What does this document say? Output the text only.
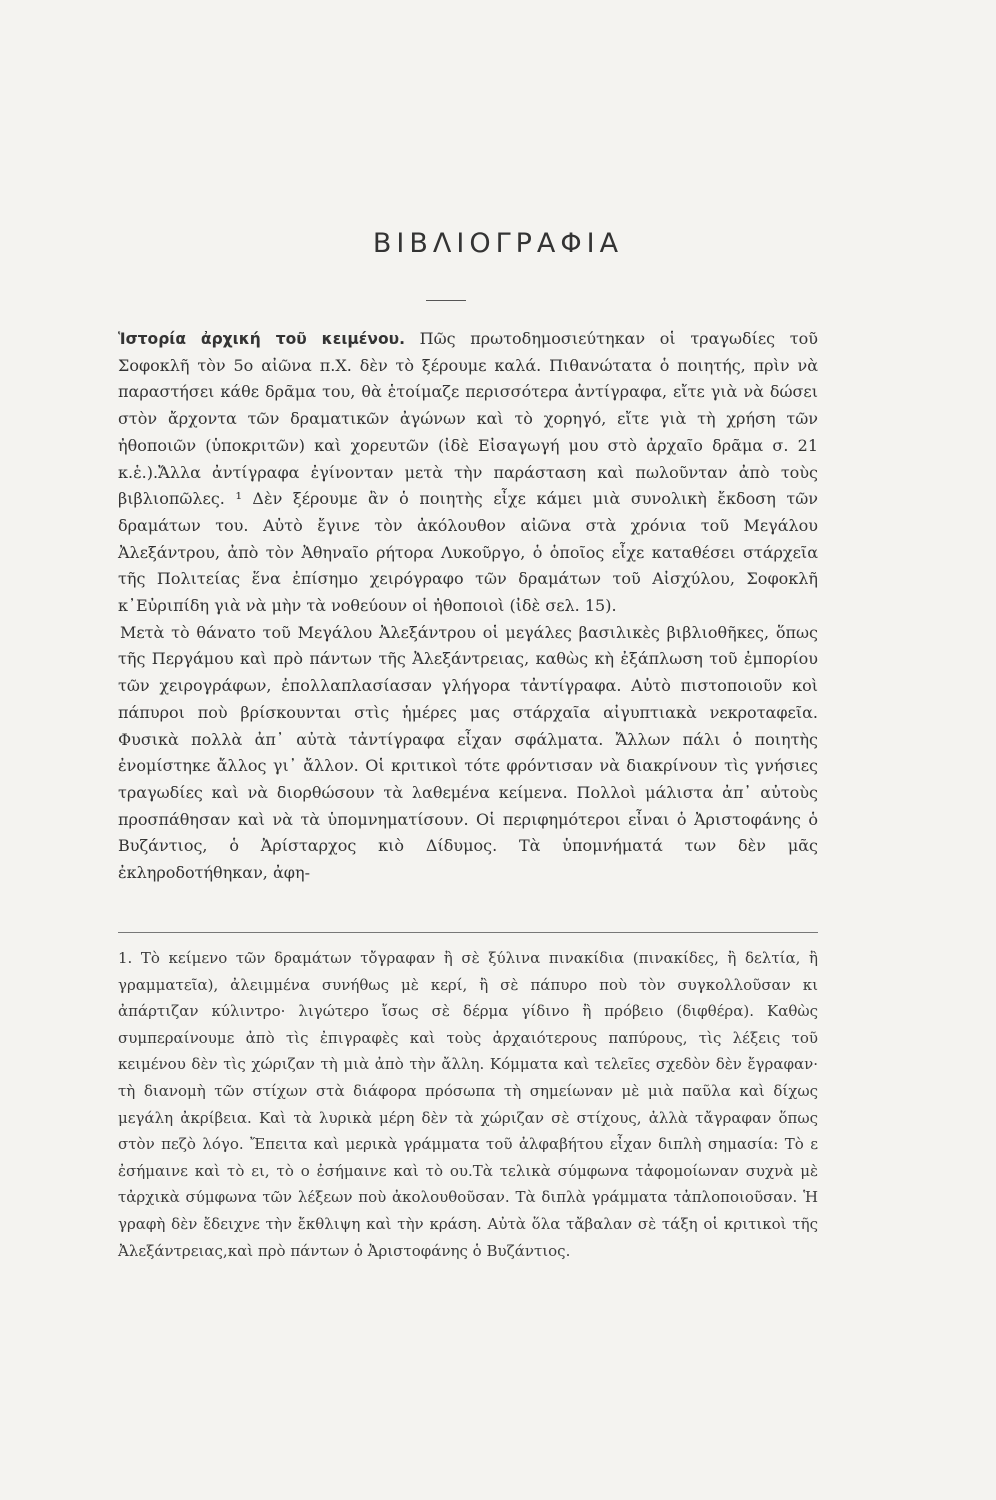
ΒΙΒΛΙΟΓΡΑΦΙΑ

Ἱστορία ἀρχική τοῦ κειμένου. Πῶς πρωτοδημοσιεύτηκαν οἱ τραγωδίες τοῦ Σοφοκλῆ τὸν 5ο αἰῶνα π.Χ. δὲν τὸ ξέρουμε καλά. Πιθανώτατα ὁ ποιητής, πρὶν νὰ παραστήσει κάθε δρᾶμα του, θὰ ἑτοίμαζε περισσότερα ἀντίγραφα, εἴτε γιὰ νὰ δώσει στὸν ἄρχοντα τῶν δραματικῶν ἀγώνων καὶ τὸ χορηγό, εἴτε γιὰ τὴ χρήση τῶν ἠθοποιῶν (ὑποκριτῶν) καὶ χορευτῶν (ἰδὲ Εἰσαγωγή μου στὸ ἀρχαῖο δρᾶμα σ. 21 κ.ἑ.).Ἄλλα ἀντίγραφα ἐγίνονταν μετὰ τὴν παράσταση καὶ πωλοῦνταν ἀπὸ τοὺς βιβλιοπῶλες. ¹ Δὲν ξέρουμε ἂν ὁ ποιητὴς εἶχε κάμει μιὰ συνολικὴ ἔκδοση τῶν δραμάτων του. Αὐτὸ ἔγινε τὸν ἀκόλουθον αἰῶνα στὰ χρόνια τοῦ Μεγάλου Ἀλεξάντρου, ἀπὸ τὸν Ἀθηναῖο ρήτορα Λυκοῦργο, ὁ ὁποῖος εἶχε καταθέσει στάρχεῖα τῆς Πολιτείας ἕνα ἐπίσημο χειρόγραφο τῶν δραμάτων τοῦ Αἰσχύλου, Σοφοκλῆ κ᾽Εὐριπίδη γιὰ νὰ μὴν τὰ νοθεύουν οἱ ἠθοποιοὶ (ἰδὲ σελ. 15).

Μετὰ τὸ θάνατο τοῦ Μεγάλου Ἀλεξάντρου οἱ μεγάλες βασιλικὲς βιβλιοθῆκες, ὅπως τῆς Περγάμου καὶ πρὸ πάντων τῆς Ἀλεξάντρειας, καθὼς κὴ ἐξάπλωση τοῦ ἐμπορίου τῶν χειρογράφων, ἐπολλαπλασίασαν γλήγορα τἀντίγραφα. Αὐτὸ πιστοποιοῦν κοὶ πάπυροι ποὺ βρίσκουνται στὶς ἡμέρες μας στάρχαῖα αἰγυπτιακὰ νεκροταφεῖα. Φυσικὰ πολλὰ ἀπ᾽ αὐτὰ τἀντίγραφα εἶχαν σφάλματα. Ἄλλων πάλι ὁ ποιητὴς ἐνομίστηκε ἄλλος γι᾽ ἄλλον. Οἱ κριτικοὶ τότε φρόντισαν νὰ διακρίνουν τὶς γνήσιες τραγωδίες καὶ νὰ διορθώσουν τὰ λαθεμένα κείμενα. Πολλοὶ μάλιστα ἀπ᾽ αὐτοὺς προσπάθησαν καὶ νὰ τὰ ὑπομνηματίσουν. Οἱ περιφημότεροι εἶναι ὁ Ἀριστοφάνης ὁ Βυζάντιος, ὁ Ἀρίσταρχος κιὸ Δίδυμος. Τὰ ὑπομνήματά των δὲν μᾶς ἐκληροδοτήθηκαν, ἀφη-

1. Τὸ κείμενο τῶν δραμάτων τὄγραφαν ἢ σὲ ξύλινα πινακίδια (πινακίδες, ἢ δελτία, ἢ γραμματεῖα), ἀλειμμένα συνήθως μὲ κερί, ἢ σὲ πάπυρο ποὺ τὸν συγκολλοῦσαν κι ἀπάρτιζαν κύλιντρο· λιγώτερο ἴσως σὲ δέρμα γίδινο ἢ πρόβειο (διφθέρα). Καθὼς συμπεραίνουμε ἀπὸ τὶς ἐπιγραφὲς καὶ τοὺς ἀρχαιότερους παπύρους, τὶς λέξεις τοῦ κειμένου δὲν τὶς χώριζαν τὴ μιὰ ἀπὸ τὴν ἄλλη. Κόμματα καὶ τελεῖες σχεδὸν δὲν ἔγραφαν· τὴ διανομὴ τῶν στίχων στὰ διάφορα πρόσωπα τὴ σημείωναν μὲ μιὰ παῦλα καὶ δίχως μεγάλη ἀκρίβεια. Καὶ τὰ λυρικὰ μέρη δὲν τὰ χώριζαν σὲ στίχους, ἀλλὰ τἄγραφαν ὅπως στὸν πεζὸ λόγο. Ἔπειτα καὶ μερικὰ γράμματα τοῦ ἀλφαβήτου εἶχαν διπλὴ σημασία: Τὸ ε ἐσήμαινε καὶ τὸ ει, τὸ ο ἐσήμαινε καὶ τὸ ου.Τὰ τελικὰ σύμφωνα τἀφομοίωναν συχνὰ μὲ τἀρχικὰ σύμφωνα τῶν λέξεων ποὺ ἀκολουθοῦσαν. Τὰ διπλὰ γράμματα τἀπλοποιοῦσαν. Ἡ γραφὴ δὲν ἔδειχνε τὴν ἔκθλιψη καὶ τὴν κράση. Αὐτὰ ὅλα τἄβαλαν σὲ τάξη οἱ κριτικοὶ τῆς Ἀλεξάντρειας,καὶ πρὸ πάντων ὁ Ἀριστοφάνης ὁ Βυζάντιος.
